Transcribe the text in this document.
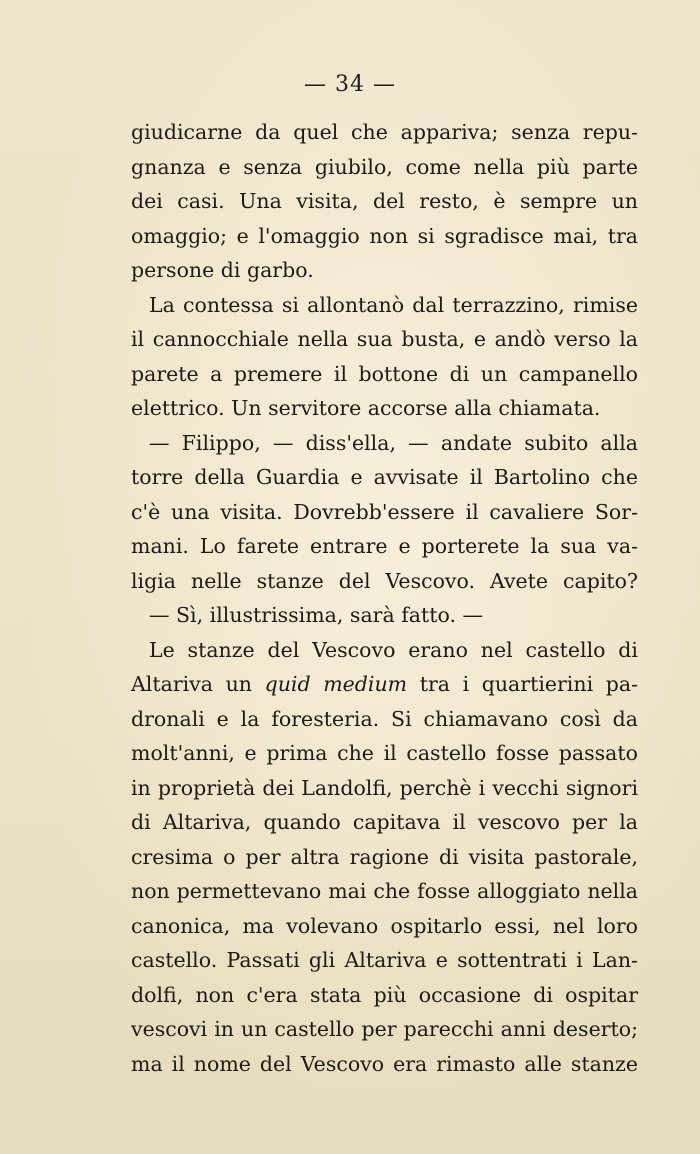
— 34 —
giudicarne da quel che appariva; senza repu-
gnanza e senza giubilo, come nella più parte
dei casi. Una visita, del resto, è sempre un
omaggio; e l'omaggio non si sgradisce mai, tra
persone di garbo.
La contessa si allontanò dal terrazzino, rimise
il cannocchiale nella sua busta, e andò verso la
parete a premere il bottone di un campanello
elettrico. Un servitore accorse alla chiamata.
— Filippo, — diss'ella, — andate subito alla
torre della Guardia e avvisate il Bartolino che
c'è una visita. Dovrebb'essere il cavaliere Sor-
mani. Lo farete entrare e porterete la sua va-
ligia nelle stanze del Vescovo. Avete capito?
— Sì, illustrissima, sarà fatto. —
Le stanze del Vescovo erano nel castello di
Altariva un quid medium tra i quartierini pa-
dronali e la foresteria. Si chiamavano così da
molt'anni, e prima che il castello fosse passato
in proprietà dei Landolfi, perchè i vecchi signori
di Altariva, quando capitava il vescovo per la
cresima o per altra ragione di visita pastorale,
non permettevano mai che fosse alloggiato nella
canonica, ma volevano ospitarlo essi, nel loro
castello. Passati gli Altariva e sottentrati i Lan-
dolfi, non c'era stata più occasione di ospitar
vescovi in un castello per parecchi anni deserto;
ma il nome del Vescovo era rimasto alle stanze
